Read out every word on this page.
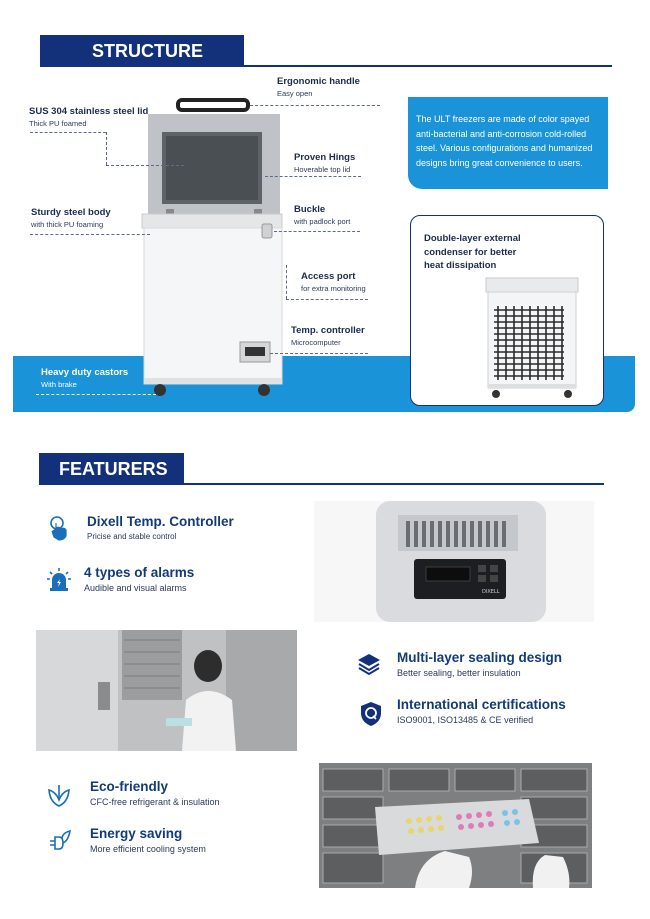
STRUCTURE
The ULT freezers are made of color spayed anti-bacterial and anti-corrosion cold-rolled steel. Various configurations and humanized designs bring great convenience to users.
Ergonomic handle
Easy open
SUS 304 stainless steel lid
Thick PU foamed
Proven Hings
Hoverable top lid
Sturdy steel body
with thick PU foaming
Buckle
with padlock port
Access port
for extra monitoring
Temp. controller
Microcomputer
Heavy duty castors
With brake
Double-layer external condenser for better heat dissipation
FEATURERS
Dixell Temp. Controller
Pricise and stable control
4 types of alarms
Audible and visual alarms	DIXELL
Multi-layer sealing design
Better sealing, better insulation
International certifications
ISO9001, ISO13485 & CE verified
Eco-friendly
CFC-free refrigerant & insulation
Energy saving
More efficient cooling system
